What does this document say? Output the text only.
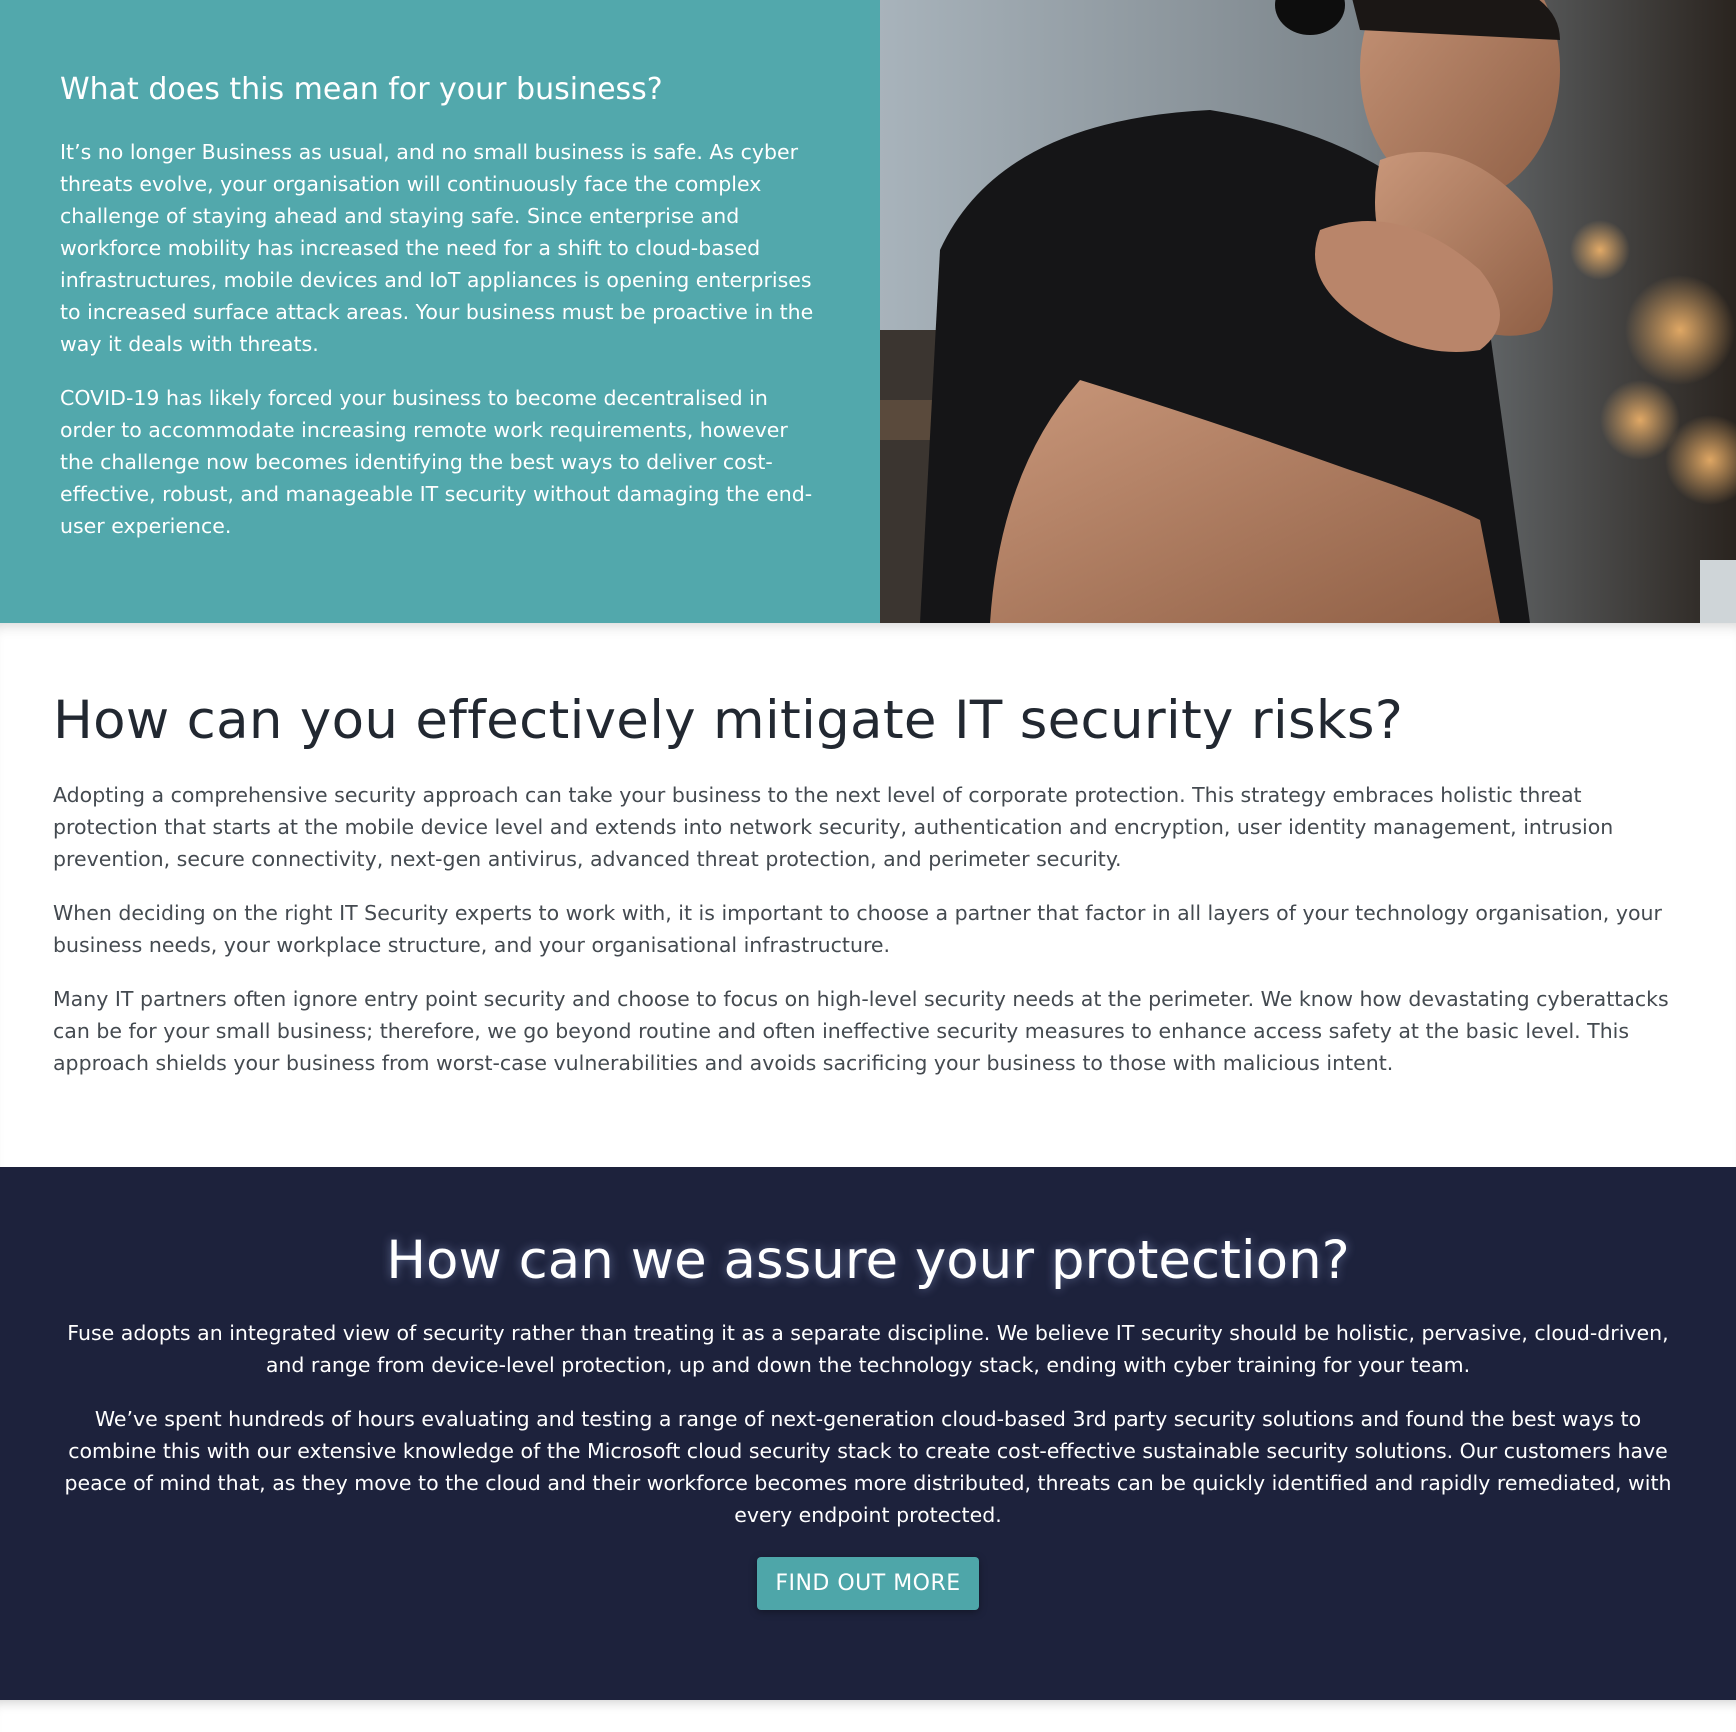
What does this mean for your business?

It’s no longer Business as usual, and no small business is safe. As cyber threats evolve, your organisation will continuously face the complex challenge of staying ahead and staying safe. Since enterprise and workforce mobility has increased the need for a shift to cloud-based infrastructures, mobile devices and IoT appliances is opening enterprises to increased surface attack areas. Your business must be proactive in the way it deals with threats.

COVID-19 has likely forced your business to become decentralised in order to accommodate increasing remote work requirements, however the challenge now becomes identifying the best ways to deliver cost-effective, robust, and manageable IT security without damaging the end-user experience.

How can you effectively mitigate IT security risks?

Adopting a comprehensive security approach can take your business to the next level of corporate protection. This strategy embraces holistic threat protection that starts at the mobile device level and extends into network security, authentication and encryption, user identity management, intrusion prevention, secure connectivity, next-gen antivirus, advanced threat protection, and perimeter security.

When deciding on the right IT Security experts to work with, it is important to choose a partner that factor in all layers of your technology organisation, your business needs, your workplace structure, and your organisational infrastructure.

Many IT partners often ignore entry point security and choose to focus on high-level security needs at the perimeter. We know how devastating cyberattacks can be for your small business; therefore, we go beyond routine and often ineffective security measures to enhance access safety at the basic level. This approach shields your business from worst-case vulnerabilities and avoids sacrificing your business to those with malicious intent.

How can we assure your protection?

Fuse adopts an integrated view of security rather than treating it as a separate discipline. We believe IT security should be holistic, pervasive, cloud-driven, and range from device-level protection, up and down the technology stack, ending with cyber training for your team.

We’ve spent hundreds of hours evaluating and testing a range of next-generation cloud-based 3rd party security solutions and found the best ways to combine this with our extensive knowledge of the Microsoft cloud security stack to create cost-effective sustainable security solutions. Our customers have peace of mind that, as they move to the cloud and their workforce becomes more distributed, threats can be quickly identified and rapidly remediated, with every endpoint protected.

FIND OUT MORE
